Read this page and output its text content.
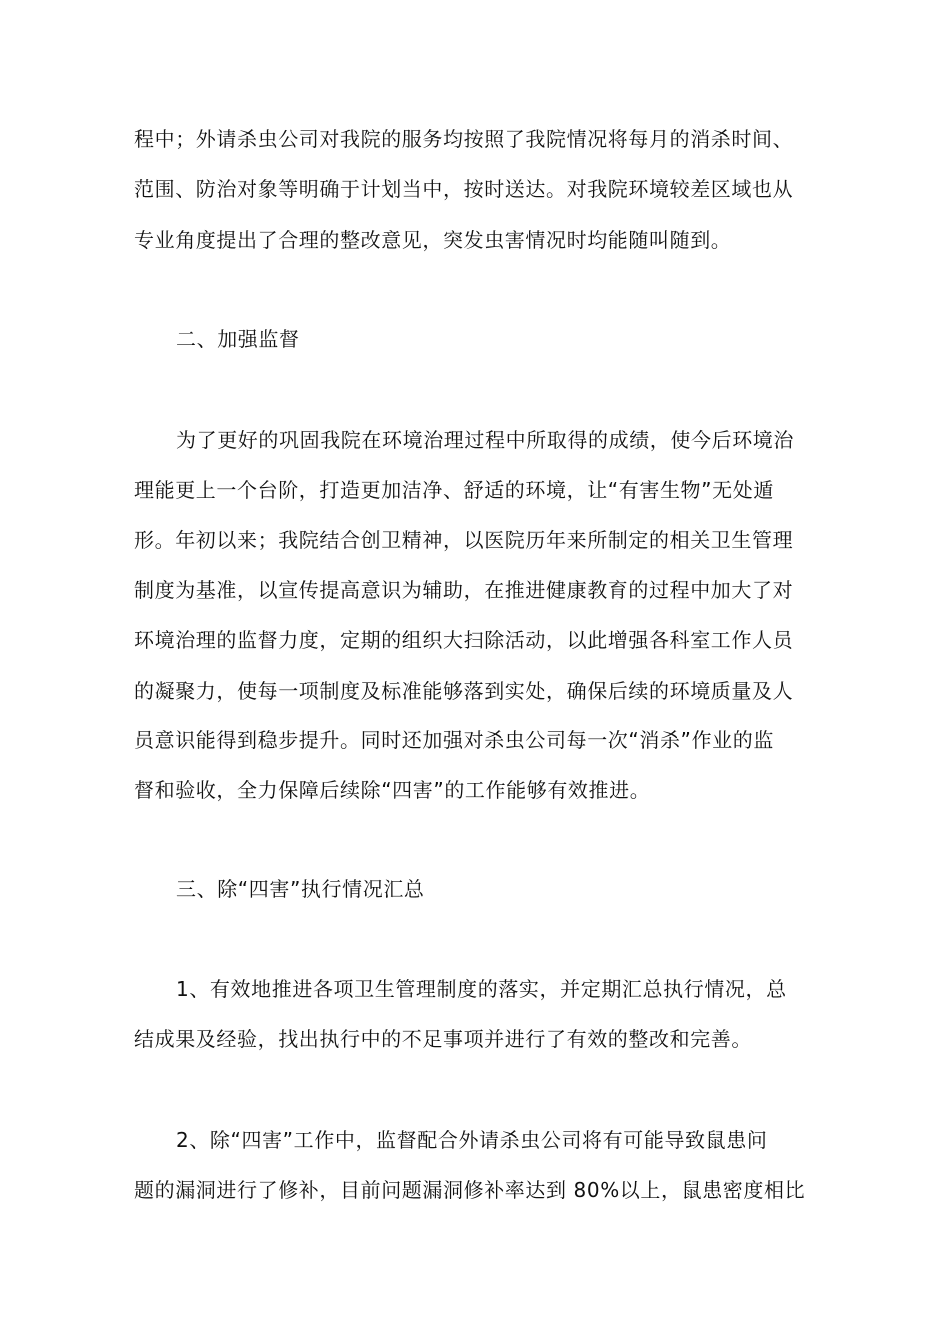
程中；外请杀虫公司对我院的服务均按照了我院情况将每月的消杀时间、
范围、防治对象等明确于计划当中，按时送达。对我院环境较差区域也从
专业角度提出了合理的整改意见，突发虫害情况时均能随叫随到。
二、加强监督
为了更好的巩固我院在环境治理过程中所取得的成绩，使今后环境治
理能更上一个台阶，打造更加洁净、舒适的环境，让“有害生物”无处遁
形。年初以来；我院结合创卫精神，以医院历年来所制定的相关卫生管理
制度为基准，以宣传提高意识为辅助，在推进健康教育的过程中加大了对
环境治理的监督力度，定期的组织大扫除活动，以此增强各科室工作人员
的凝聚力，使每一项制度及标准能够落到实处，确保后续的环境质量及人
员意识能得到稳步提升。同时还加强对杀虫公司每一次“消杀”作业的监
督和验收，全力保障后续除“四害”的工作能够有效推进。
三、除“四害”执行情况汇总
1、有效地推进各项卫生管理制度的落实，并定期汇总执行情况，总
结成果及经验，找出执行中的不足事项并进行了有效的整改和完善。
2、除“四害”工作中，监督配合外请杀虫公司将有可能导致鼠患问
题的漏洞进行了修补，目前问题漏洞修补率达到 80%以上，鼠患密度相比
